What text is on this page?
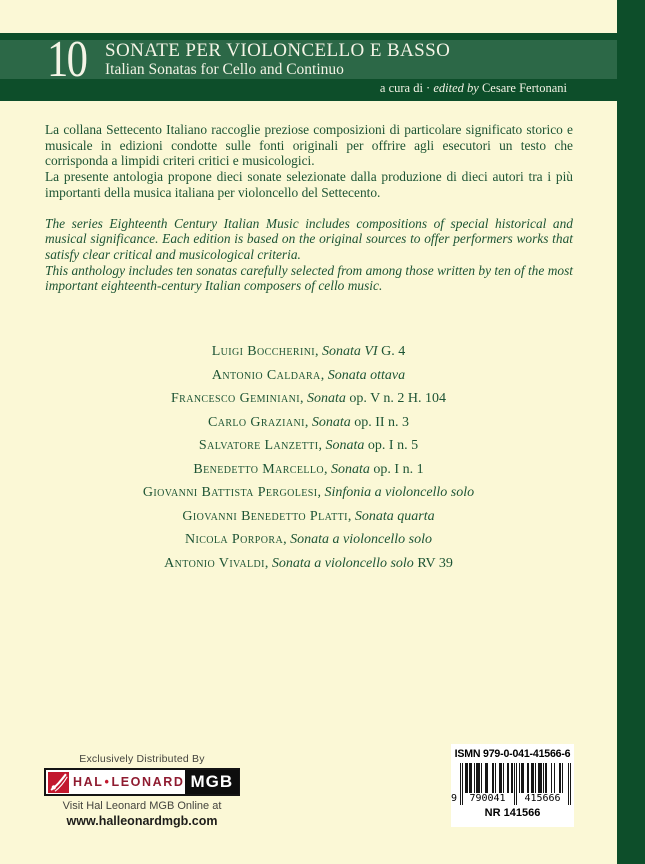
10 SONATE PER VIOLONCELLO E BASSO
Italian Sonatas for Cello and Continuo
a cura di · edited by Cesare Fertonani

La collana Settecento Italiano raccoglie preziose composizioni di particolare significato storico e musicale in edizioni condotte sulle fonti originali per offrire agli esecutori un testo che corrisponda a limpidi criteri critici e musicologici.

La presente antologia propone dieci sonate selezionate dalla produzione di dieci autori tra i più importanti della musica italiana per violoncello del Settecento.

The series Eighteenth Century Italian Music includes compositions of special historical and musical significance. Each edition is based on the original sources to offer performers works that satisfy clear critical and musicological criteria.

This anthology includes ten sonatas carefully selected from among those written by ten of the most important eighteenth-century Italian composers of cello music.

Luigi Boccherini, Sonata VI G. 4
Antonio Caldara, Sonata ottava
Francesco Geminiani, Sonata op. V n. 2 H. 104
Carlo Graziani, Sonata op. II n. 3
Salvatore Lanzetti, Sonata op. I n. 5
Benedetto Marcello, Sonata op. I n. 1
Giovanni Battista Pergolesi, Sinfonia a violoncello solo
Giovanni Benedetto Platti, Sonata quarta
Nicola Porpora, Sonata a violoncello solo
Antonio Vivaldi, Sonata a violoncello solo RV 39
Exclusively Distributed By
HAL•LEONARD MGB
Visit Hal Leonard MGB Online at
www.halleonardmgb.com
ISMN 979-0-041-41566-6
9	790041	415666
NR 141566
